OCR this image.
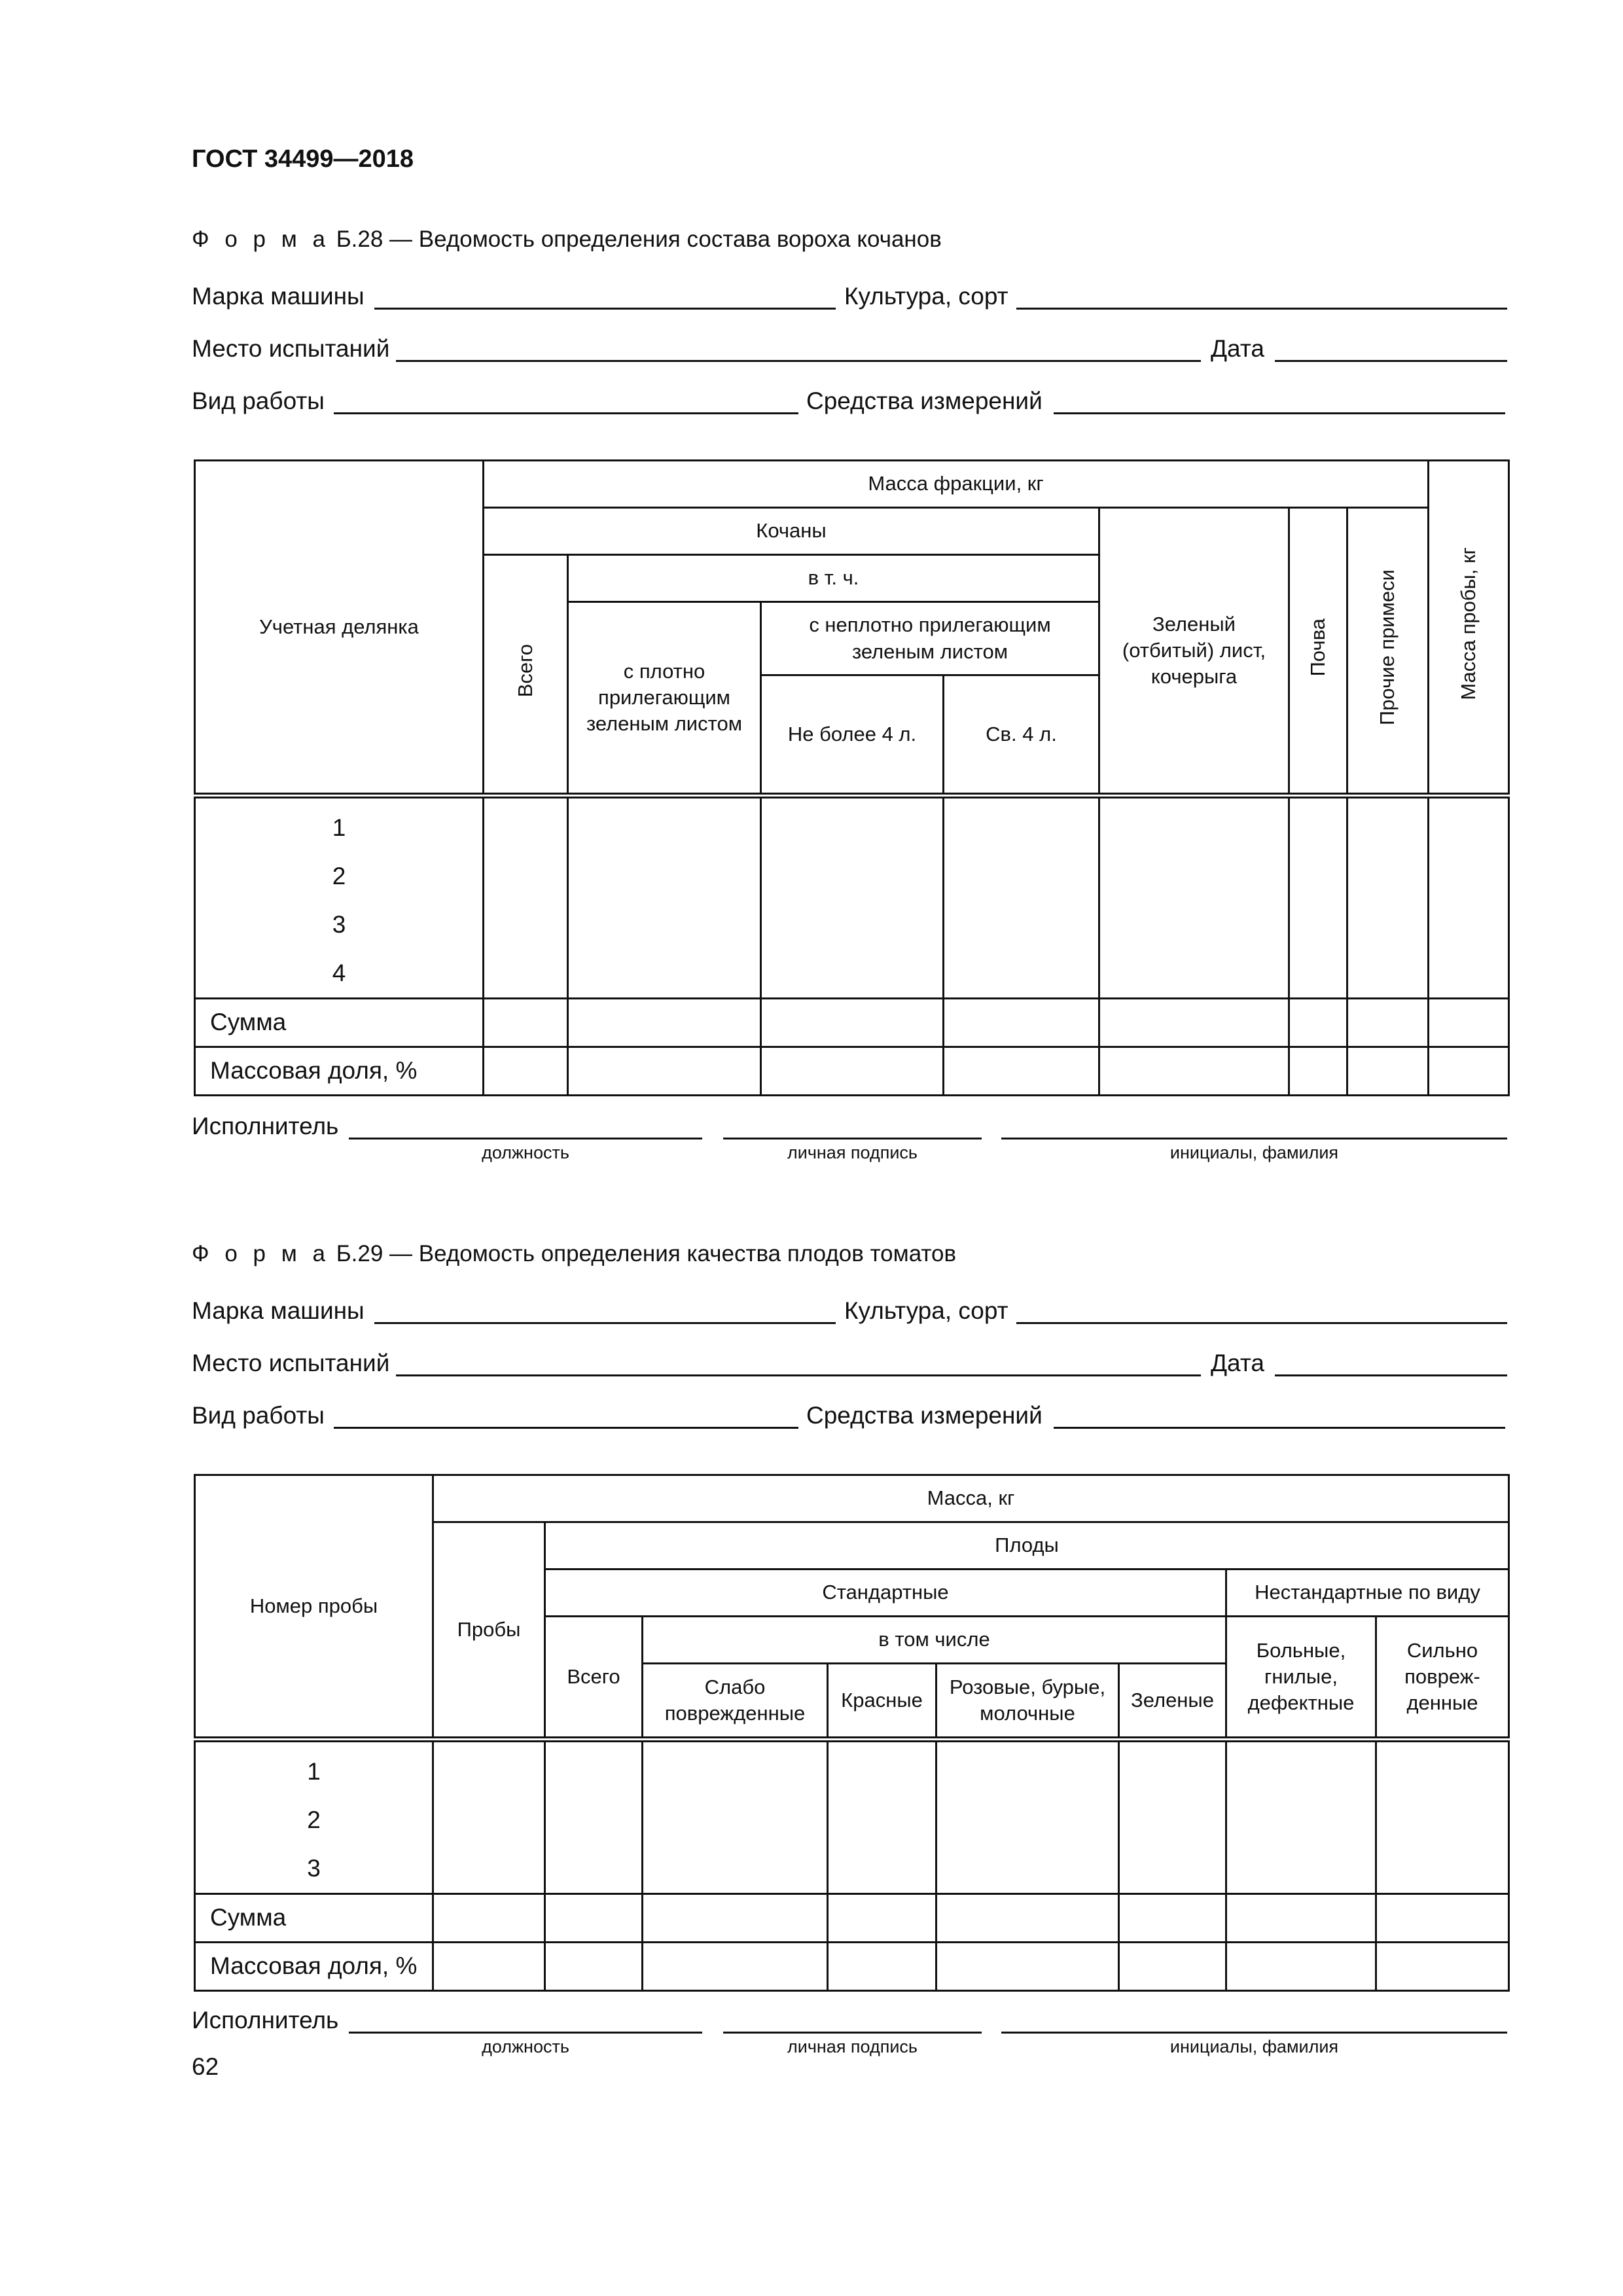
ГОСТ 34499—2018
Ф о р м а Б.28 — Ведомость определения состава вороха кочанов
Марка машины	Культура, сорт
Место испытаний	Дата
Вид работы	Средства измерений
Учетная делянка	Масса фракции, кг							Масса пробы, кг
	Кочаны				Зеленый (отбитый) лист, кочерыга	Почва	Прочие примеси	
	Всего	в т. ч.						
		с плотно прилегающим зеленым листом	с неплотно прилегающим зеленым листом					
			Не более 4 л.	Св. 4 л.				

1
2
3
4								

Сумма								
Массовая доля, %								
Исполнитель
должность	личная подпись	инициалы, фамилия
Ф о р м а Б.29 — Ведомость определения качества плодов томатов
Марка машины	Культура, сорт
Место испытаний	Дата
Вид работы	Средства измерений
Номер пробы	Масса, кг							
	Пробы	Плоды						
		Стандартные					Нестандартные по виду	
		Всего	в том числе				Больные, гнилые, дефектные	Сильно повреж-денные
			Слабо поврежденные	Красные	Розовые, бурые, молочные	Зеленые		

1
2
3								

Сумма								
Массовая доля, %								
Исполнитель
должность	личная подпись	инициалы, фамилия
62
